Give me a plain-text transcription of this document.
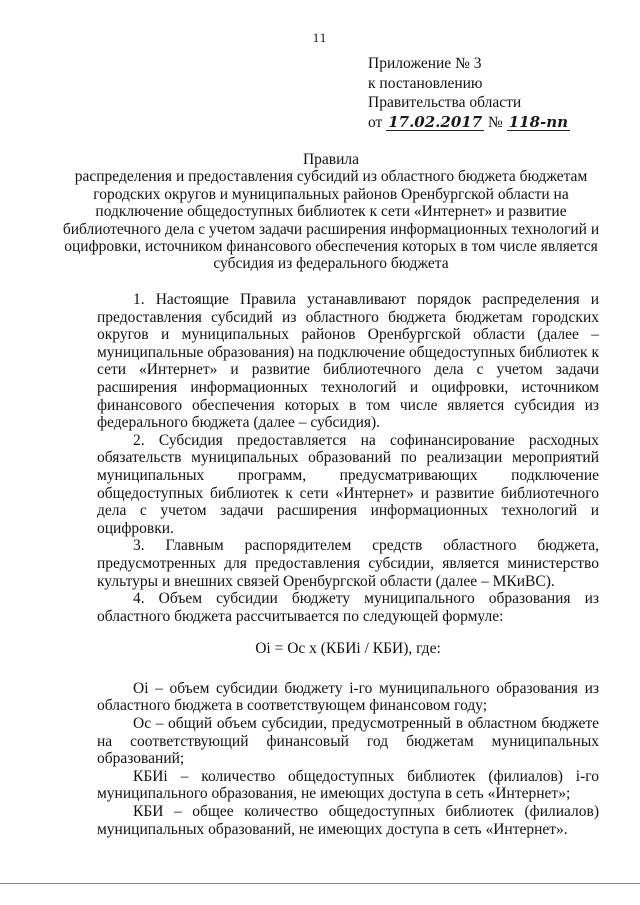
11
Приложение № 3
к постановлению
Правительства области
от 17.02.2017 № 118-пп
Правила
распределения и предоставления субсидий из областного бюджета бюджетам городских округов и муниципальных районов Оренбургской области на подключение общедоступных библиотек к сети «Интернет» и развитие библиотечного дела с учетом задачи расширения информационных технологий и оцифровки, источником финансового обеспечения которых в том числе является субсидия из федерального бюджета

1. Настоящие Правила устанавливают порядок распределения и предоставления субсидий из областного бюджета бюджетам городских округов и муниципальных районов Оренбургской области (далее – муниципальные образования) на подключение общедоступных библиотек к сети «Интернет» и развитие библиотечного дела с учетом задачи расширения информационных технологий и оцифровки, источником финансового обеспечения которых в том числе является субсидия из федерального бюджета (далее – субсидия).

2. Субсидия предоставляется на софинансирование расходных обязательств муниципальных образований по реализации мероприятий муниципальных программ, предусматривающих подключение общедоступных библиотек к сети «Интернет» и развитие библиотечного дела с учетом задачи расширения информационных технологий и оцифровки.

3. Главным распорядителем средств областного бюджета, предусмотренных для предоставления субсидии, является министерство культуры и внешних связей Оренбургской области (далее – МКиВС).

4. Объем субсидии бюджету муниципального образования из областного бюджета рассчитывается по следующей формуле:

Oi = Oc x (КБИi / КБИ), где:

Oi – объем субсидии бюджету i-го муниципального образования из областного бюджета в соответствующем финансовом году;

Oc – общий объем субсидии, предусмотренный в областном бюджете на соответствующий финансовый год бюджетам муниципальных образований;

КБИi – количество общедоступных библиотек (филиалов) i-го муниципального образования, не имеющих доступа в сеть «Интернет»;

КБИ – общее количество общедоступных библиотек (филиалов) муниципальных образований, не имеющих доступа в сеть «Интернет».
